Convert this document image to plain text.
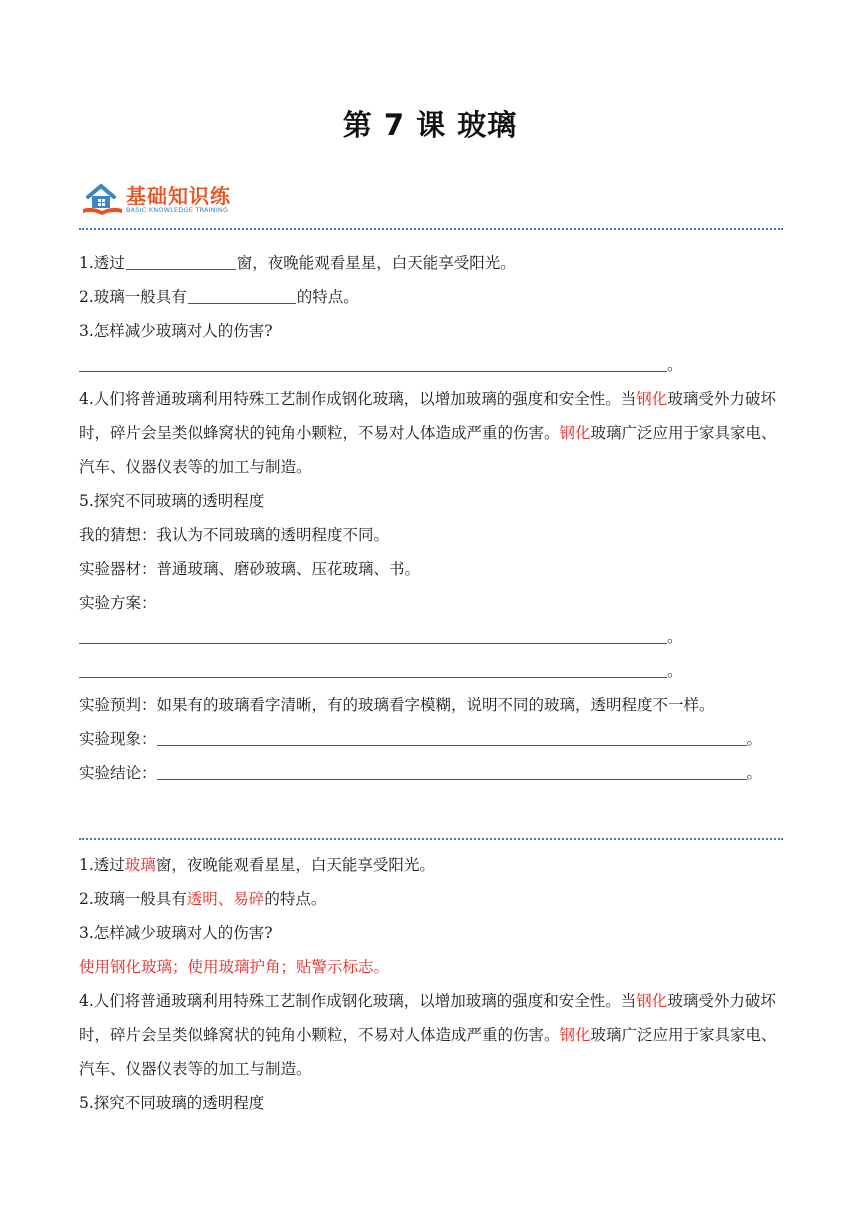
第 7 课 玻璃
基础知识练
BASIC KNOWLEDGE TRAINING
1.透过	窗，夜晚能观看星星，白天能享受阳光。
2.玻璃一般具有	的特点。
3.怎样减少玻璃对人的伤害?
。
4.人们将普通玻璃利用特殊工艺制作成钢化玻璃，以增加玻璃的强度和安全性。当钢化玻璃受外力破坏时，碎片会呈类似蜂窝状的钝角小颗粒，不易对人体造成严重的伤害。钢化玻璃广泛应用于家具家电、汽车、仪器仪表等的加工与制造。
5.探究不同玻璃的透明程度
我的猜想：我认为不同玻璃的透明程度不同。
实验器材：普通玻璃、磨砂玻璃、压花玻璃、书。
实验方案：
。
。
实验预判：如果有的玻璃看字清晰，有的玻璃看字模糊，说明不同的玻璃，透明程度不一样。
实验现象：	。
实验结论：	。
1.透过玻璃窗，夜晚能观看星星，白天能享受阳光。
2.玻璃一般具有透明、易碎的特点。
3.怎样减少玻璃对人的伤害?
使用钢化玻璃；使用玻璃护角；贴警示标志。
4.人们将普通玻璃利用特殊工艺制作成钢化玻璃，以增加玻璃的强度和安全性。当钢化玻璃受外力破坏时，碎片会呈类似蜂窝状的钝角小颗粒，不易对人体造成严重的伤害。钢化玻璃广泛应用于家具家电、汽车、仪器仪表等的加工与制造。
5.探究不同玻璃的透明程度
